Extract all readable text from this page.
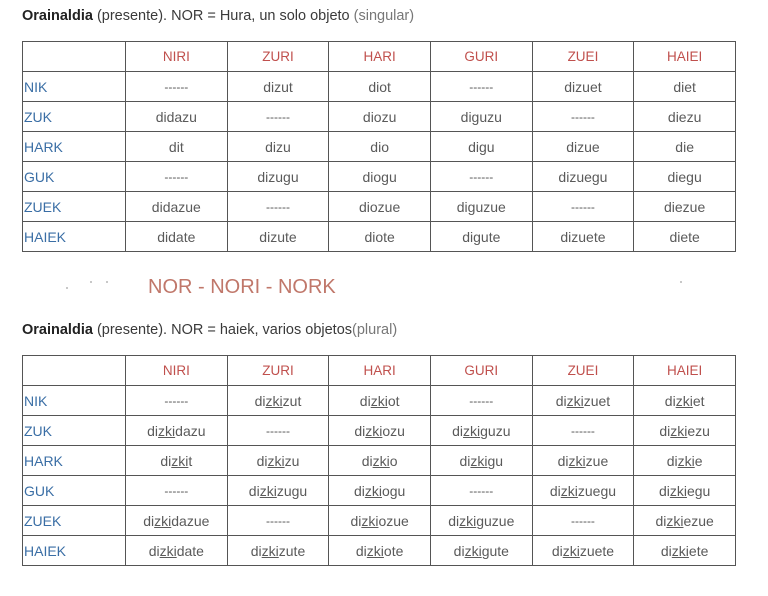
Orainaldia (presente). NOR = Hura, un solo objeto (singular)
	NIRI	ZURI	HARI	GURI	ZUEI	HAIEI
NIK	------	dizut	diot	------	dizuet	diet
ZUK	didazu	------	diozu	diguzu	------	diezu
HARK	dit	dizu	dio	digu	dizue	die
GUK	------	dizugu	diogu	------	dizuegu	diegu
ZUEK	didazue	------	diozue	diguzue	------	diezue
HAIEK	didate	dizute	diote	digute	dizuete	diete
NOR - NORI - NORK
Orainaldia (presente). NOR = haiek, varios objetos(plural)
	NIRI	ZURI	HARI	GURI	ZUEI	HAIEI
NIK	------	dizkizut	dizkiot	------	dizkizuet	dizkiet
ZUK	dizkidazu	------	dizkiozu	dizkiguzu	------	dizkiezu
HARK	dizkit	dizkizu	dizkio	dizkigu	dizkizue	dizkie
GUK	------	dizkizugu	dizkiogu	------	dizkizuegu	dizkiegu
ZUEK	dizkidazue	------	dizkiozue	dizkiguzue	------	dizkiezue
HAIEK	dizkidate	dizkizute	dizkiote	dizkigute	dizkizuete	dizkiete
